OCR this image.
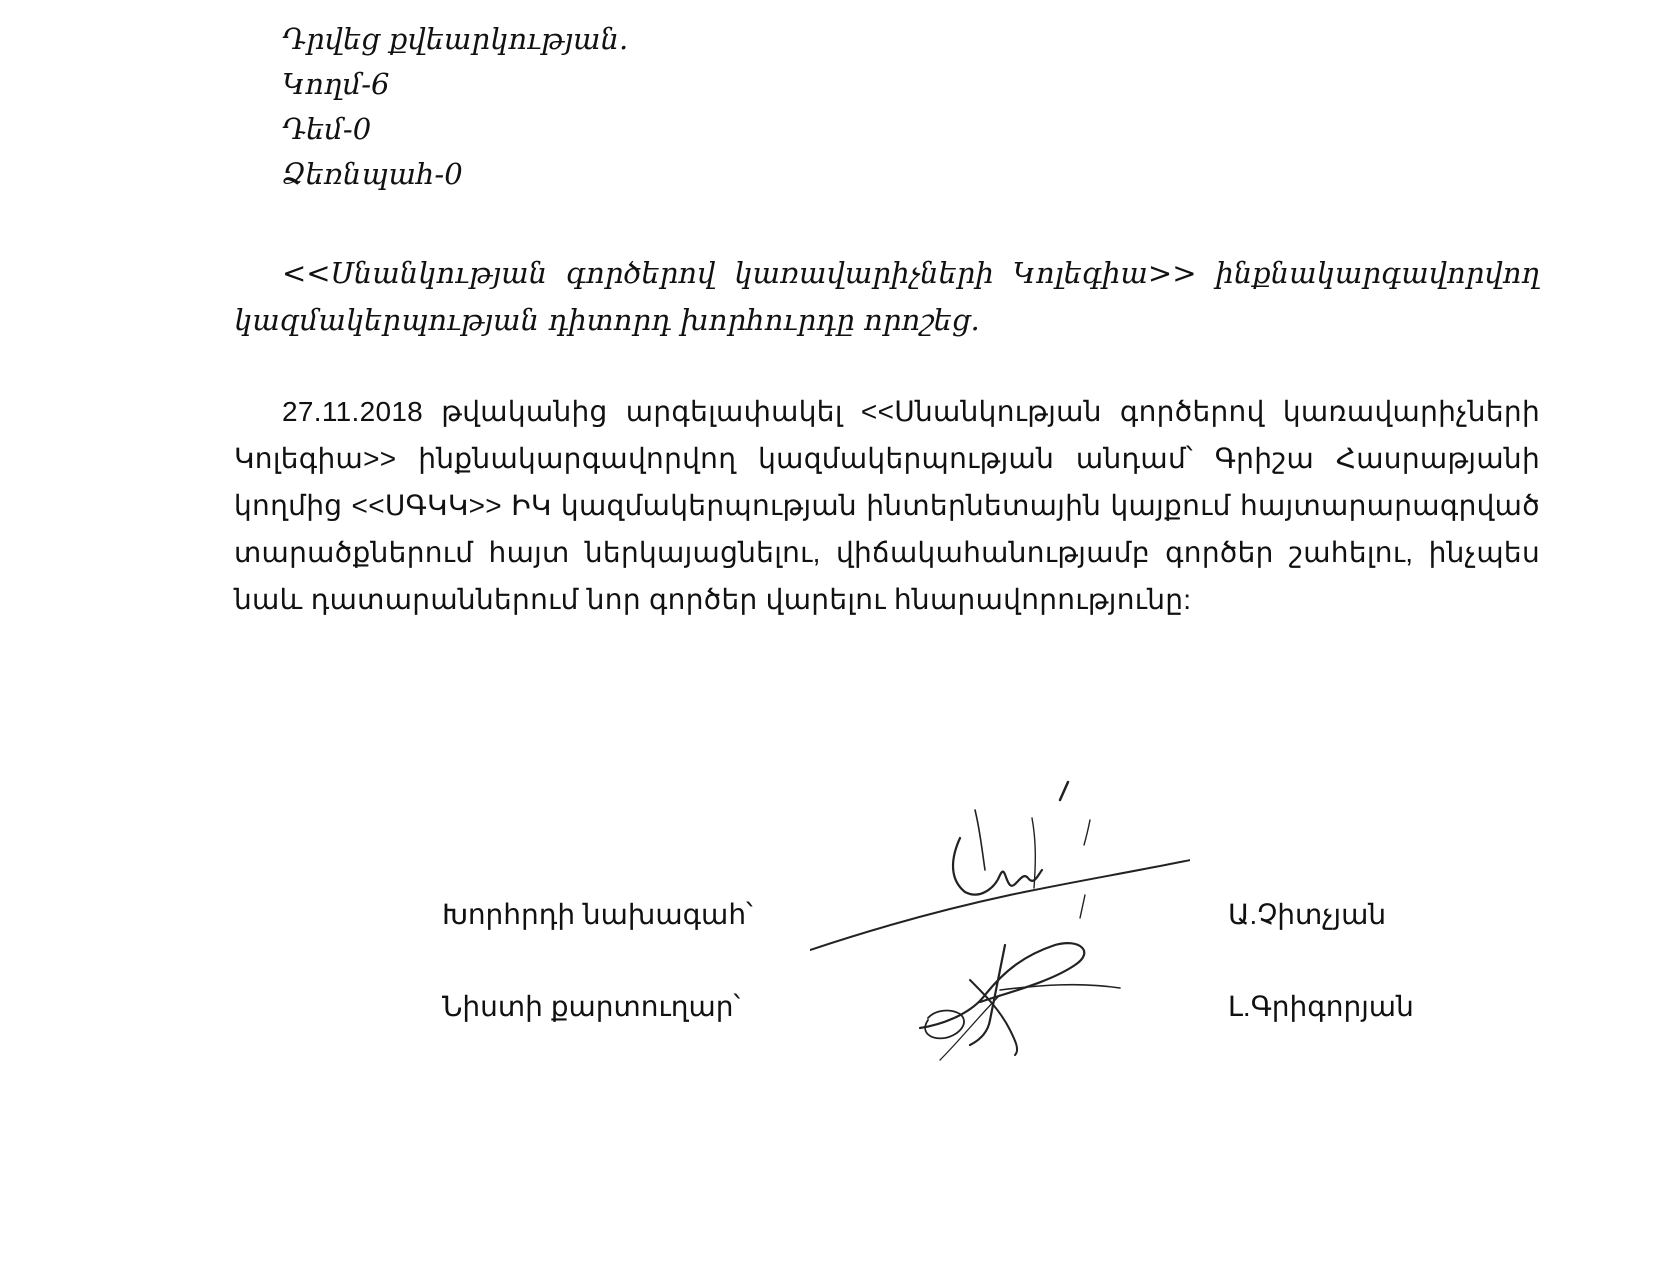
Դրվեց քվեարկության.

Կողմ-6

Դեմ-0

Ձեռնպահ-0

<<Սնանկության գործերով կառավարիչների Կոլեգիա>> ինքնակարգավորվող կազմակերպության դիտորդ խորհուրդը որոշեց.

27.11.2018 թվականից արգելափակել <<Սնանկության գործերով կառավարիչների Կոլեգիա>> ինքնակարգավորվող կազմակերպության անդամ՝ Գրիշա Հասրաթյանի կողմից <<ՍԳԿԿ>> ԻԿ կազմակերպության ինտերնետային կայքում հայտարարագրված տարածքներում հայտ ներկայացնելու, վիճակահանությամբ գործեր շահելու, ինչպես նաև դատարաններում նոր գործեր վարելու հնարավորությունը:

Խորհրդի նախագահ՝	Ա.Չիտչյան

Նիստի քարտուղար՝	Լ.Գրիգորյան
